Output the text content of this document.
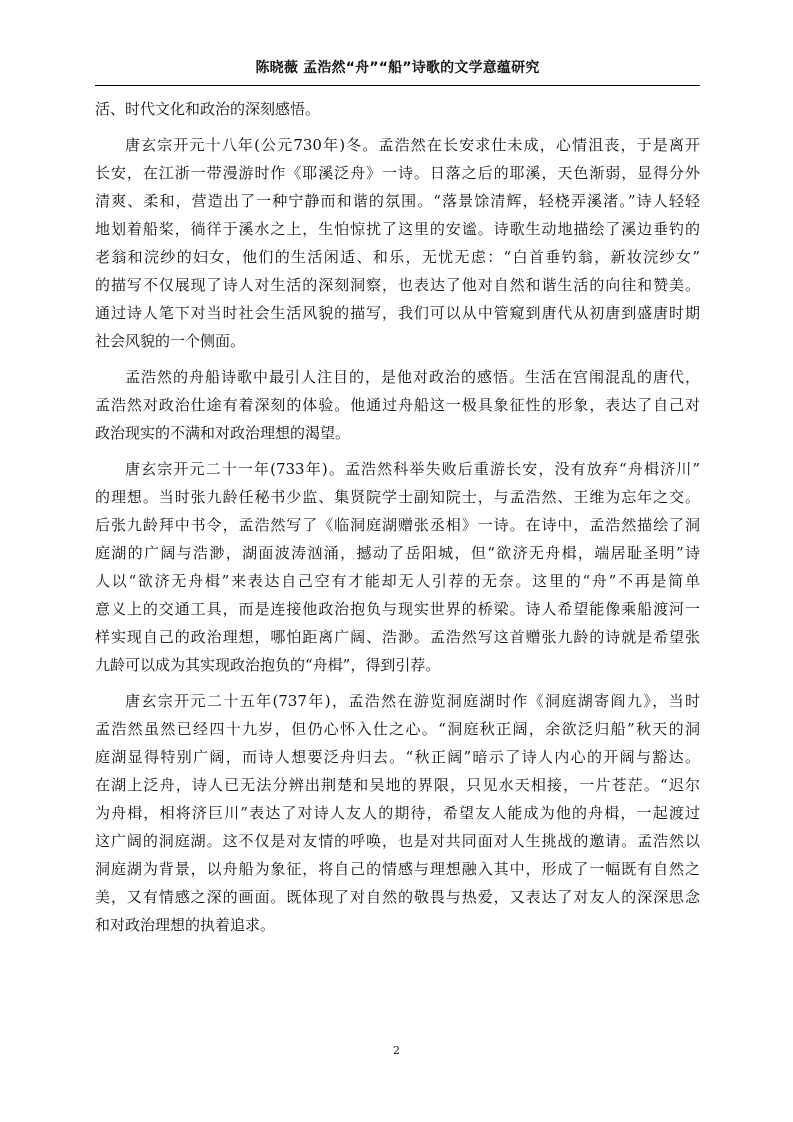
陈晓薇 孟浩然“舟”“船”诗歌的文学意蕴研究
活、时代文化和政治的深刻感悟。
唐玄宗开元十八年(公元730年)冬。孟浩然在长安求仕未成，心情沮丧，于是离开
长安，在江浙一带漫游时作《耶溪泛舟》一诗。日落之后的耶溪，天色渐弱，显得分外
清爽、柔和，营造出了一种宁静而和谐的氛围。“落景馀清辉，轻桡弄溪渚。”诗人轻轻
地划着船桨，徜徉于溪水之上，生怕惊扰了这里的安谧。诗歌生动地描绘了溪边垂钓的
老翁和浣纱的妇女，他们的生活闲适、和乐，无忧无虑：“白首垂钓翁，新妆浣纱女”
的描写不仅展现了诗人对生活的深刻洞察，也表达了他对自然和谐生活的向往和赞美。
通过诗人笔下对当时社会生活风貌的描写，我们可以从中管窥到唐代从初唐到盛唐时期
社会风貌的一个侧面。
孟浩然的舟船诗歌中最引人注目的，是他对政治的感悟。生活在宫闱混乱的唐代，
孟浩然对政治仕途有着深刻的体验。他通过舟船这一极具象征性的形象，表达了自己对
政治现实的不满和对政治理想的渴望。
唐玄宗开元二十一年(733年)。孟浩然科举失败后重游长安，没有放弃“舟楫济川”
的理想。当时张九龄任秘书少监、集贤院学士副知院士，与孟浩然、王维为忘年之交。
后张九龄拜中书令，孟浩然写了《临洞庭湖赠张丞相》一诗。在诗中，孟浩然描绘了洞
庭湖的广阔与浩渺，湖面波涛汹涌，撼动了岳阳城，但“欲济无舟楫，端居耻圣明”诗
人以“欲济无舟楫”来表达自己空有才能却无人引荐的无奈。这里的“舟”不再是简单
意义上的交通工具，而是连接他政治抱负与现实世界的桥梁。诗人希望能像乘船渡河一
样实现自己的政治理想，哪怕距离广阔、浩渺。孟浩然写这首赠张九龄的诗就是希望张
九龄可以成为其实现政治抱负的“舟楫”，得到引荐。
唐玄宗开元二十五年(737年)，孟浩然在游览洞庭湖时作《洞庭湖寄阎九》，当时
孟浩然虽然已经四十九岁，但仍心怀入仕之心。“洞庭秋正阔，余欲泛归船”秋天的洞
庭湖显得特别广阔，而诗人想要泛舟归去。“秋正阔”暗示了诗人内心的开阔与豁达。
在湖上泛舟，诗人已无法分辨出荆楚和吴地的界限，只见水天相接，一片苍茫。“迟尔
为舟楫，相将济巨川”表达了对诗人友人的期待，希望友人能成为他的舟楫，一起渡过
这广阔的洞庭湖。这不仅是对友情的呼唤，也是对共同面对人生挑战的邀请。孟浩然以
洞庭湖为背景，以舟船为象征，将自己的情感与理想融入其中，形成了一幅既有自然之
美，又有情感之深的画面。既体现了对自然的敬畏与热爱，又表达了对友人的深深思念
和对政治理想的执着追求。
2
